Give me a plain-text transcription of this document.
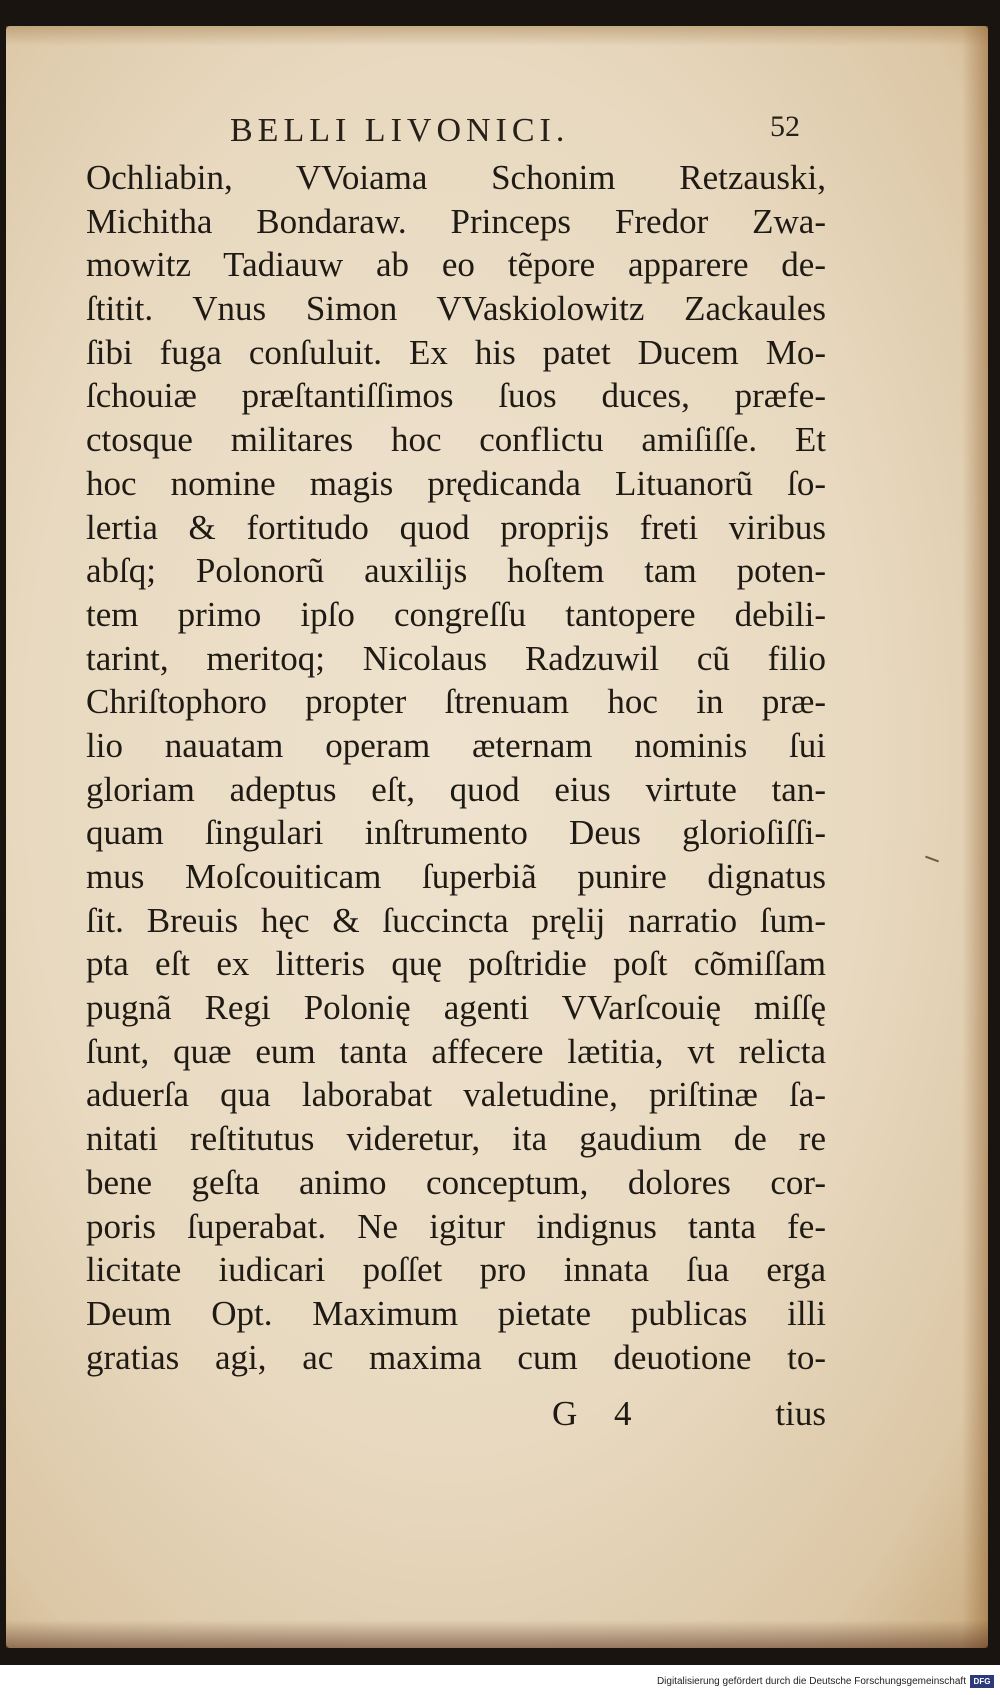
BELLI LIVONICI.	52
Ochliabin, VVoiama Schonim Retzauski,
Michitha Bondaraw. Princeps Fredor Zwa-
mowitz Tadiauw ab eo tẽpore apparere de-
ſtitit. Vnus Simon VVaskiolowitz Zackaules
ſibi fuga conſuluit. Ex his patet Ducem Mo-
ſchouiæ præſtantiſſimos ſuos duces, præfe-
ctosque militares hoc conflictu amiſiſſe. Et
hoc nomine magis prędicanda Lituanorũ ſo-
lertia & fortitudo quod proprijs freti viribus
abſq; Polonorũ auxilijs hoſtem tam poten-
tem primo ipſo congreſſu tantopere debili-
tarint, meritoq; Nicolaus Radzuwil cũ filio
Chriſtophoro propter ſtrenuam hoc in præ-
lio nauatam operam æternam nominis ſui
gloriam adeptus eſt, quod eius virtute tan-
quam ſingulari inſtrumento Deus glorioſiſſi-
mus Moſcouiticam ſuperbiã punire dignatus
ſit. Breuis hęc & ſuccincta pręlij narratio ſum-
pta eſt ex litteris quę poſtridie poſt cõmiſſam
pugnã Regi Polonię agenti VVarſcouię miſſę
ſunt, quæ eum tanta affecere lætitia, vt relicta
aduerſa qua laborabat valetudine, priſtinæ ſa-
nitati reſtitutus videretur, ita gaudium de re
bene geſta animo conceptum, dolores cor-
poris ſuperabat. Ne igitur indignus tanta fe-
licitate iudicari poſſet pro innata ſua erga
Deum Opt. Maximum pietate publicas illi
gratias agi, ac maxima cum deuotione to-
G 4	tius
Digitalisierung gefördert durch die Deutsche Forschungsgemeinschaft DFG
